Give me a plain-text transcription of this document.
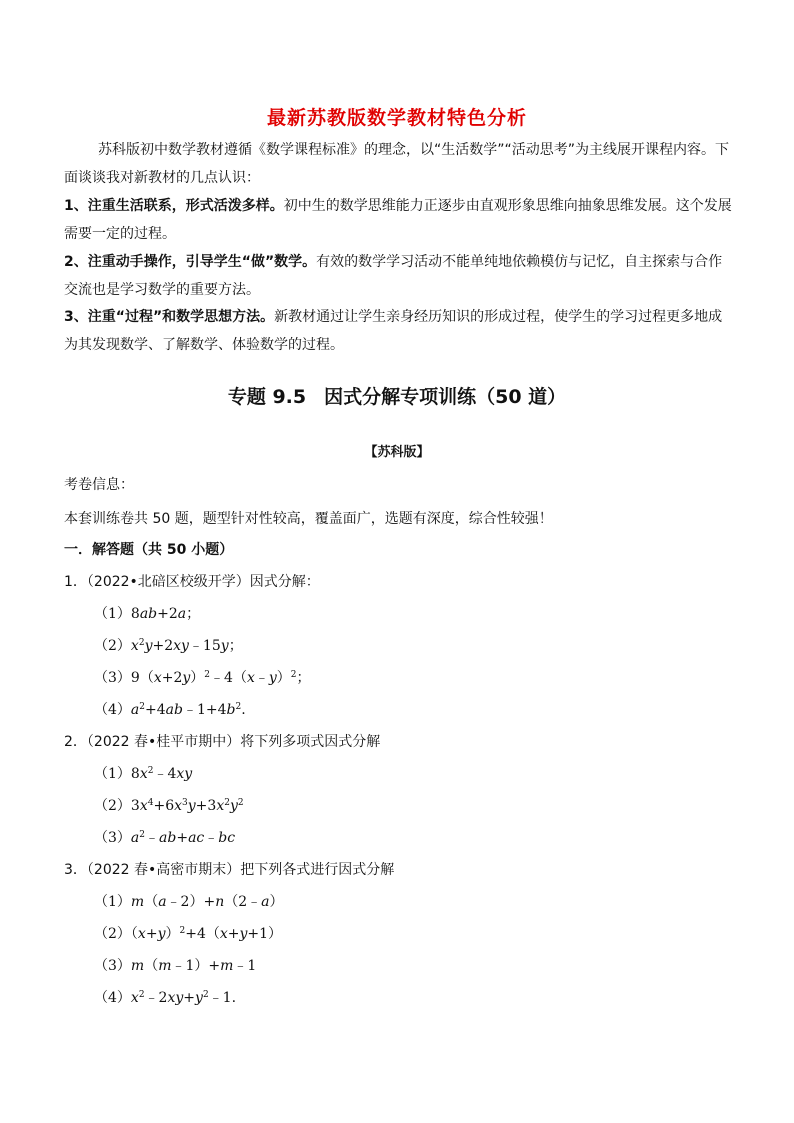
最新苏教版数学教材特色分析
苏科版初中数学教材遵循《数学课程标准》的理念，以“生活数学”“活动思考”为主线展开课程内容。下面谈谈我对新教材的几点认识：
1、注重生活联系，形式活泼多样。初中生的数学思维能力正逐步由直观形象思维向抽象思维发展。这个发展需要一定的过程。
2、注重动手操作，引导学生“做”数学。有效的数学学习活动不能单纯地依赖模仿与记忆，自主探索与合作交流也是学习数学的重要方法。
3、注重“过程”和数学思想方法。新教材通过让学生亲身经历知识的形成过程，使学生的学习过程更多地成为其发现数学、了解数学、体验数学的过程。
专题 9.5 因式分解专项训练（50 道）
【苏科版】
考卷信息：
本套训练卷共 50 题，题型针对性较高，覆盖面广，选题有深度，综合性较强！
一．解答题（共 50 小题）
1．（2022•北碚区校级开学）因式分解：
（1）8ab+2a；
$(2)x^2y+2xy﹣15y$；
$(3)9(x+2y)^2﹣4(x﹣y)^2$；
$(4)a^2+4ab﹣1+4b^2$.
2．（2022 春•桂平市期中）将下列多项式因式分解
$(1)8x^2﹣4xy$
$(2)3x^4+6x^3y+3x^2y^2$
$(3)a^2﹣ab+ac﹣bc$
3．（2022 春•高密市期末）把下列各式进行因式分解
（1）m（a﹣2）+n（2﹣a）
$(2)(x+y)^2+4(x+y+1)$
（3）m（m﹣1）+m﹣1
$(4)x^2﹣2xy+y^2﹣1$.
